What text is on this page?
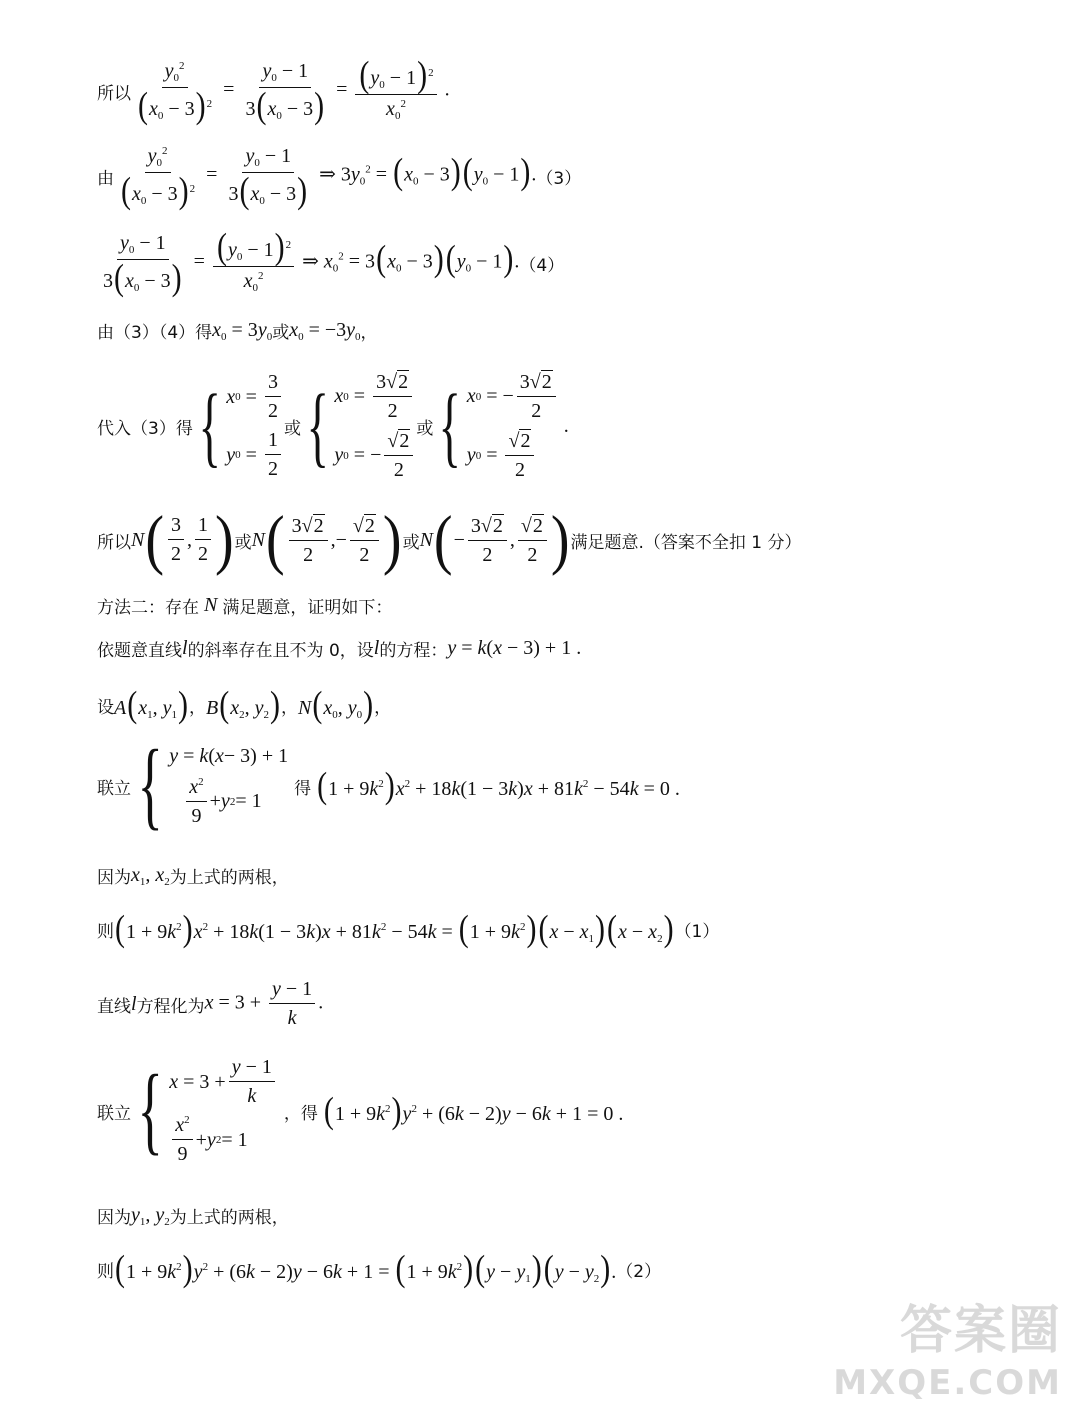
所以 $\frac{y_0^2}{(x_0 - 3)^2} = \frac{y_0 - 1}{3(x_0 - 3)} = \frac{(y_0 - 1)^2}{x_0^2}$ .
由 $\frac{y_0^2}{(x_0 - 3)^2} = \frac{y_0 - 1}{3(x_0 - 3)}$ ⇒ $3y_0^2 = (x_0 - 3)(y_0 - 1)$. （3）
$\frac{y_0 - 1}{3(x_0 - 3)} = \frac{(y_0 - 1)^2}{x_0^2}$ ⇒ $x_0^2 = 3(x_0 - 3)(y_0 - 1)$. （4）
由（3）（4）得 $x_0 = 3y_0$ 或 $x_0 = -3y_0$ ，
代入（3）得 { x $0 = \frac{3}{2}$
y $0 = \frac{1}{2}$
或 { x $0 = \frac{3√ 2}{2}$
y 0 = − $\frac{√ 2}{2}$
或 { x 0 = − $\frac{3√ 2}{2}$
y $0 = \frac{√ 2}{2}$
.
所以 N ( $\frac{3}{2}$ , $\frac{1}{2}$ ) 或 N ( $\frac{3√ 2}{2}$ ,− $\frac{√ 2}{2}$ ) 或 N ( − $\frac{3√ 2}{2}$ , $\frac{√ 2}{2}$ ) 满足题意.（答案不全扣 1 分）
方法二：存在 N 满足题意，证明如下：
依题意直线 l 的斜率存在且不为 0，设 l 的方程： y = k(x − 3) + 1 .
设 $A(x_1$, $y_1$) ， $B(x_2$, $y_2$) ， $N(x_0$, $y_0$) ，
联立 { y = k ( x − 3) + 1
$\frac{x^2}{9} + y$ 2 = 1
得 $(1 + 9k^2)x^2 + 18k(1 - 3k)x + 81k^2 - 54k = 0$ .
因为 $x_1$, $x_2$ 为上式的两根，
则 $(1 + 9k^2)x^2 + 18k(1 - 3k)x + 81k^2 - 54k = (1 + 9k^2)(x - x_1)(x - x_2)$ （1）
直线 l 方程化为 $x = 3 + \frac{y - 1}{k}$ .
联立 { $x = 3 + \frac{y - 1}{k}$
$\frac{x^2}{9} + y$ 2 = 1
，得 $(1 + 9k^2)y^2 + (6k - 2)y - 6k + 1 = 0$ .
因为 $y_1$, $y_2$ 为上式的两根，
则 $(1 + 9k^2)y^2 + (6k - 2)y - 6k + 1 = (1 + 9k^2)(y - y_1)(y - y_2)$. （2）
答案圈
MXQE.COM
